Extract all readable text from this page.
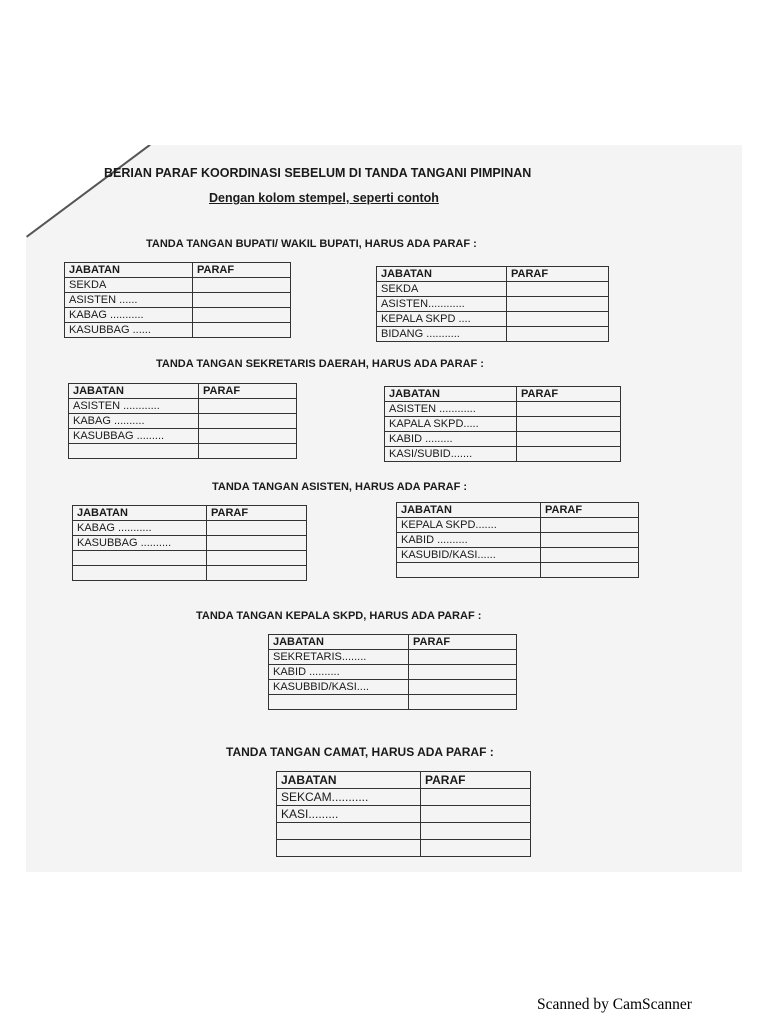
BERIAN PARAF KOORDINASI SEBELUM DI TANDA TANGANI PIMPINAN
Dengan kolom stempel, seperti contoh
TANDA TANGAN BUPATI/ WAKIL BUPATI, HARUS ADA PARAF :
JABATAN	PARAF
SEKDA	
ASISTEN ......	
KABAG ...........	
KASUBBAG ......	
JABATAN	PARAF
SEKDA	
ASISTEN............	
KEPALA SKPD ....	
BIDANG ...........	
TANDA TANGAN SEKRETARIS DAERAH, HARUS ADA PARAF :
JABATAN	PARAF
ASISTEN ............	
KABAG ..........	
KASUBBAG .........	

JABATAN	PARAF
ASISTEN ............	
KAPALA SKPD.....	
KABID .........	
KASI/SUBID.......	
TANDA TANGAN ASISTEN, HARUS ADA PARAF :
JABATAN	PARAF
KABAG ...........	
KASUBBAG ..........	

JABATAN	PARAF
KEPALA SKPD.......	
KABID ..........	
KASUBID/KASI......	

TANDA TANGAN KEPALA SKPD, HARUS ADA PARAF :
JABATAN	PARAF
SEKRETARIS........	
KABID ..........	
KASUBBID/KASI....	

TANDA TANGAN CAMAT, HARUS ADA PARAF :
JABATAN	PARAF
SEKCAM...........	
KASI.........	

Scanned by CamScanner
